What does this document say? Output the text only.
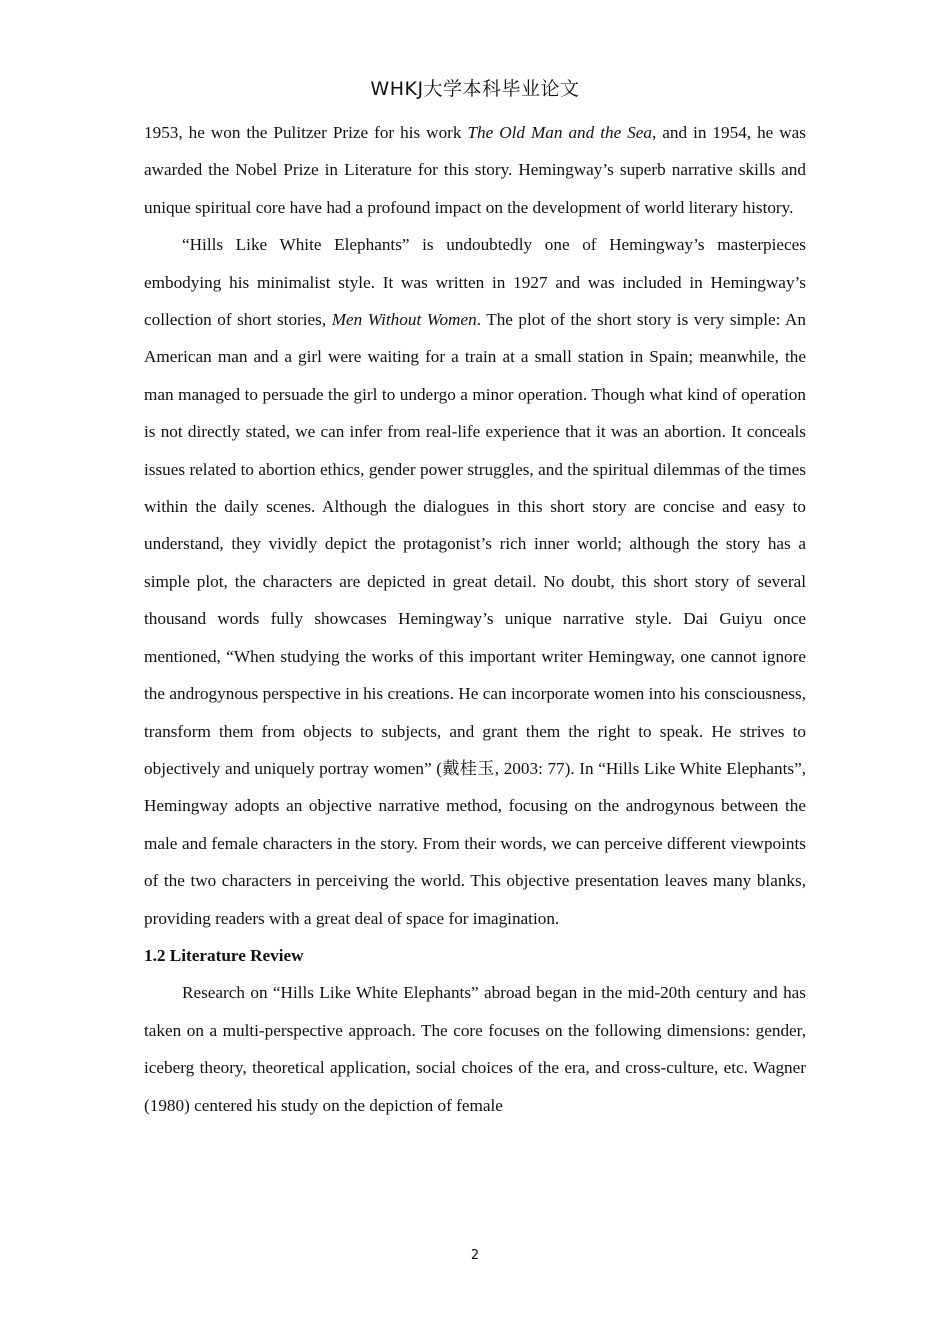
WHKJ大学本科毕业论文

1953, he won the Pulitzer Prize for his work The Old Man and the Sea, and in 1954, he was awarded the Nobel Prize in Literature for this story. Hemingway’s superb narrative skills and unique spiritual core have had a profound impact on the development of world literary history.

“Hills Like White Elephants” is undoubtedly one of Hemingway’s masterpieces embodying his minimalist style. It was written in 1927 and was included in Hemingway’s collection of short stories, Men Without Women. The plot of the short story is very simple: An American man and a girl were waiting for a train at a small station in Spain; meanwhile, the man managed to persuade the girl to undergo a minor operation. Though what kind of operation is not directly stated, we can infer from real-life experience that it was an abortion. It conceals issues related to abortion ethics, gender power struggles, and the spiritual dilemmas of the times within the daily scenes. Although the dialogues in this short story are concise and easy to understand, they vividly depict the protagonist’s rich inner world; although the story has a simple plot, the characters are depicted in great detail. No doubt, this short story of several thousand words fully showcases Hemingway’s unique narrative style. Dai Guiyu once mentioned, “When studying the works of this important writer Hemingway, one cannot ignore the androgynous perspective in his creations. He can incorporate women into his consciousness, transform them from objects to subjects, and grant them the right to speak. He strives to objectively and uniquely portray women” (戴桂玉, 2003: 77). In “Hills Like White Elephants”, Hemingway adopts an objective narrative method, focusing on the androgynous between the male and female characters in the story. From their words, we can perceive different viewpoints of the two characters in perceiving the world. This objective presentation leaves many blanks, providing readers with a great deal of space for imagination.

1.2 Literature Review

Research on “Hills Like White Elephants” abroad began in the mid-20th century and has taken on a multi-perspective approach. The core focuses on the following dimensions: gender, iceberg theory, theoretical application, social choices of the era, and cross-culture, etc. Wagner (1980) centered his study on the depiction of female

2
